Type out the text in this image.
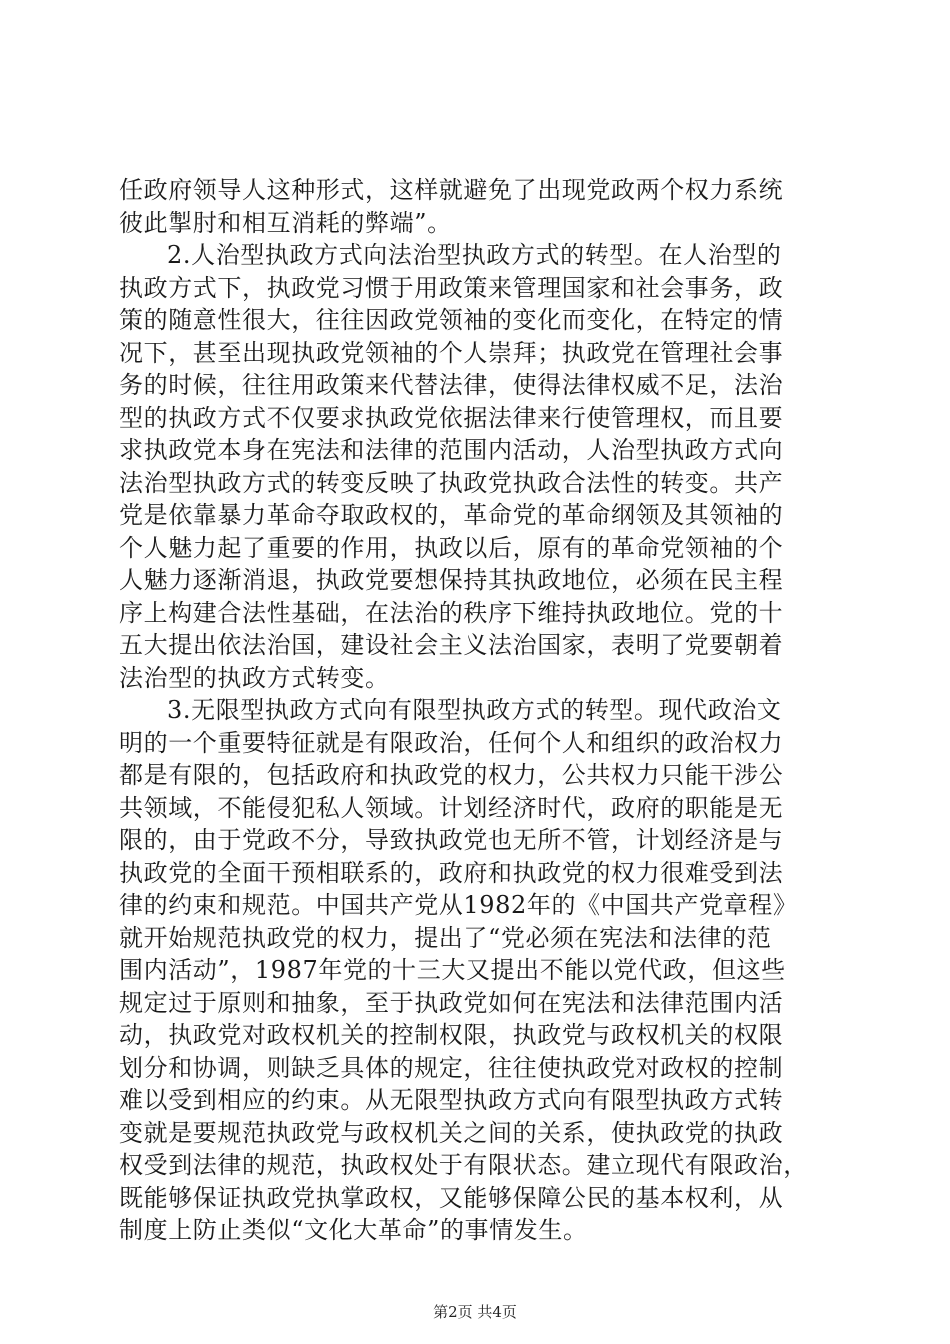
任政府领导人这种形式，这样就避免了出现党政两个权力系统
彼此掣肘和相互消耗的弊端”。
2.人治型执政方式向法治型执政方式的转型。在人治型的
执政方式下，执政党习惯于用政策来管理国家和社会事务，政
策的随意性很大，往往因政党领袖的变化而变化，在特定的情
况下，甚至出现执政党领袖的个人崇拜；执政党在管理社会事
务的时候，往往用政策来代替法律，使得法律权威不足，法治
型的执政方式不仅要求执政党依据法律来行使管理权，而且要
求执政党本身在宪法和法律的范围内活动，人治型执政方式向
法治型执政方式的转变反映了执政党执政合法性的转变。共产
党是依靠暴力革命夺取政权的，革命党的革命纲领及其领袖的
个人魅力起了重要的作用，执政以后，原有的革命党领袖的个
人魅力逐渐消退，执政党要想保持其执政地位，必须在民主程
序上构建合法性基础，在法治的秩序下维持执政地位。党的十
五大提出依法治国，建设社会主义法治国家，表明了党要朝着
法治型的执政方式转变。
3.无限型执政方式向有限型执政方式的转型。现代政治文
明的一个重要特征就是有限政治，任何个人和组织的政治权力
都是有限的，包括政府和执政党的权力，公共权力只能干涉公
共领域，不能侵犯私人领域。计划经济时代，政府的职能是无
限的，由于党政不分，导致执政党也无所不管，计划经济是与
执政党的全面干预相联系的，政府和执政党的权力很难受到法
律的约束和规范。中国共产党从1982年的《中国共产党章程》
就开始规范执政党的权力，提出了“党必须在宪法和法律的范
围内活动”，1987年党的十三大又提出不能以党代政，但这些
规定过于原则和抽象，至于执政党如何在宪法和法律范围内活
动，执政党对政权机关的控制权限，执政党与政权机关的权限
划分和协调，则缺乏具体的规定，往往使执政党对政权的控制
难以受到相应的约束。从无限型执政方式向有限型执政方式转
变就是要规范执政党与政权机关之间的关系，使执政党的执政
权受到法律的规范，执政权处于有限状态。建立现代有限政治，
既能够保证执政党执掌政权，又能够保障公民的基本权利，从
制度上防止类似“文化大革命”的事情发生。
第2页 共4页
